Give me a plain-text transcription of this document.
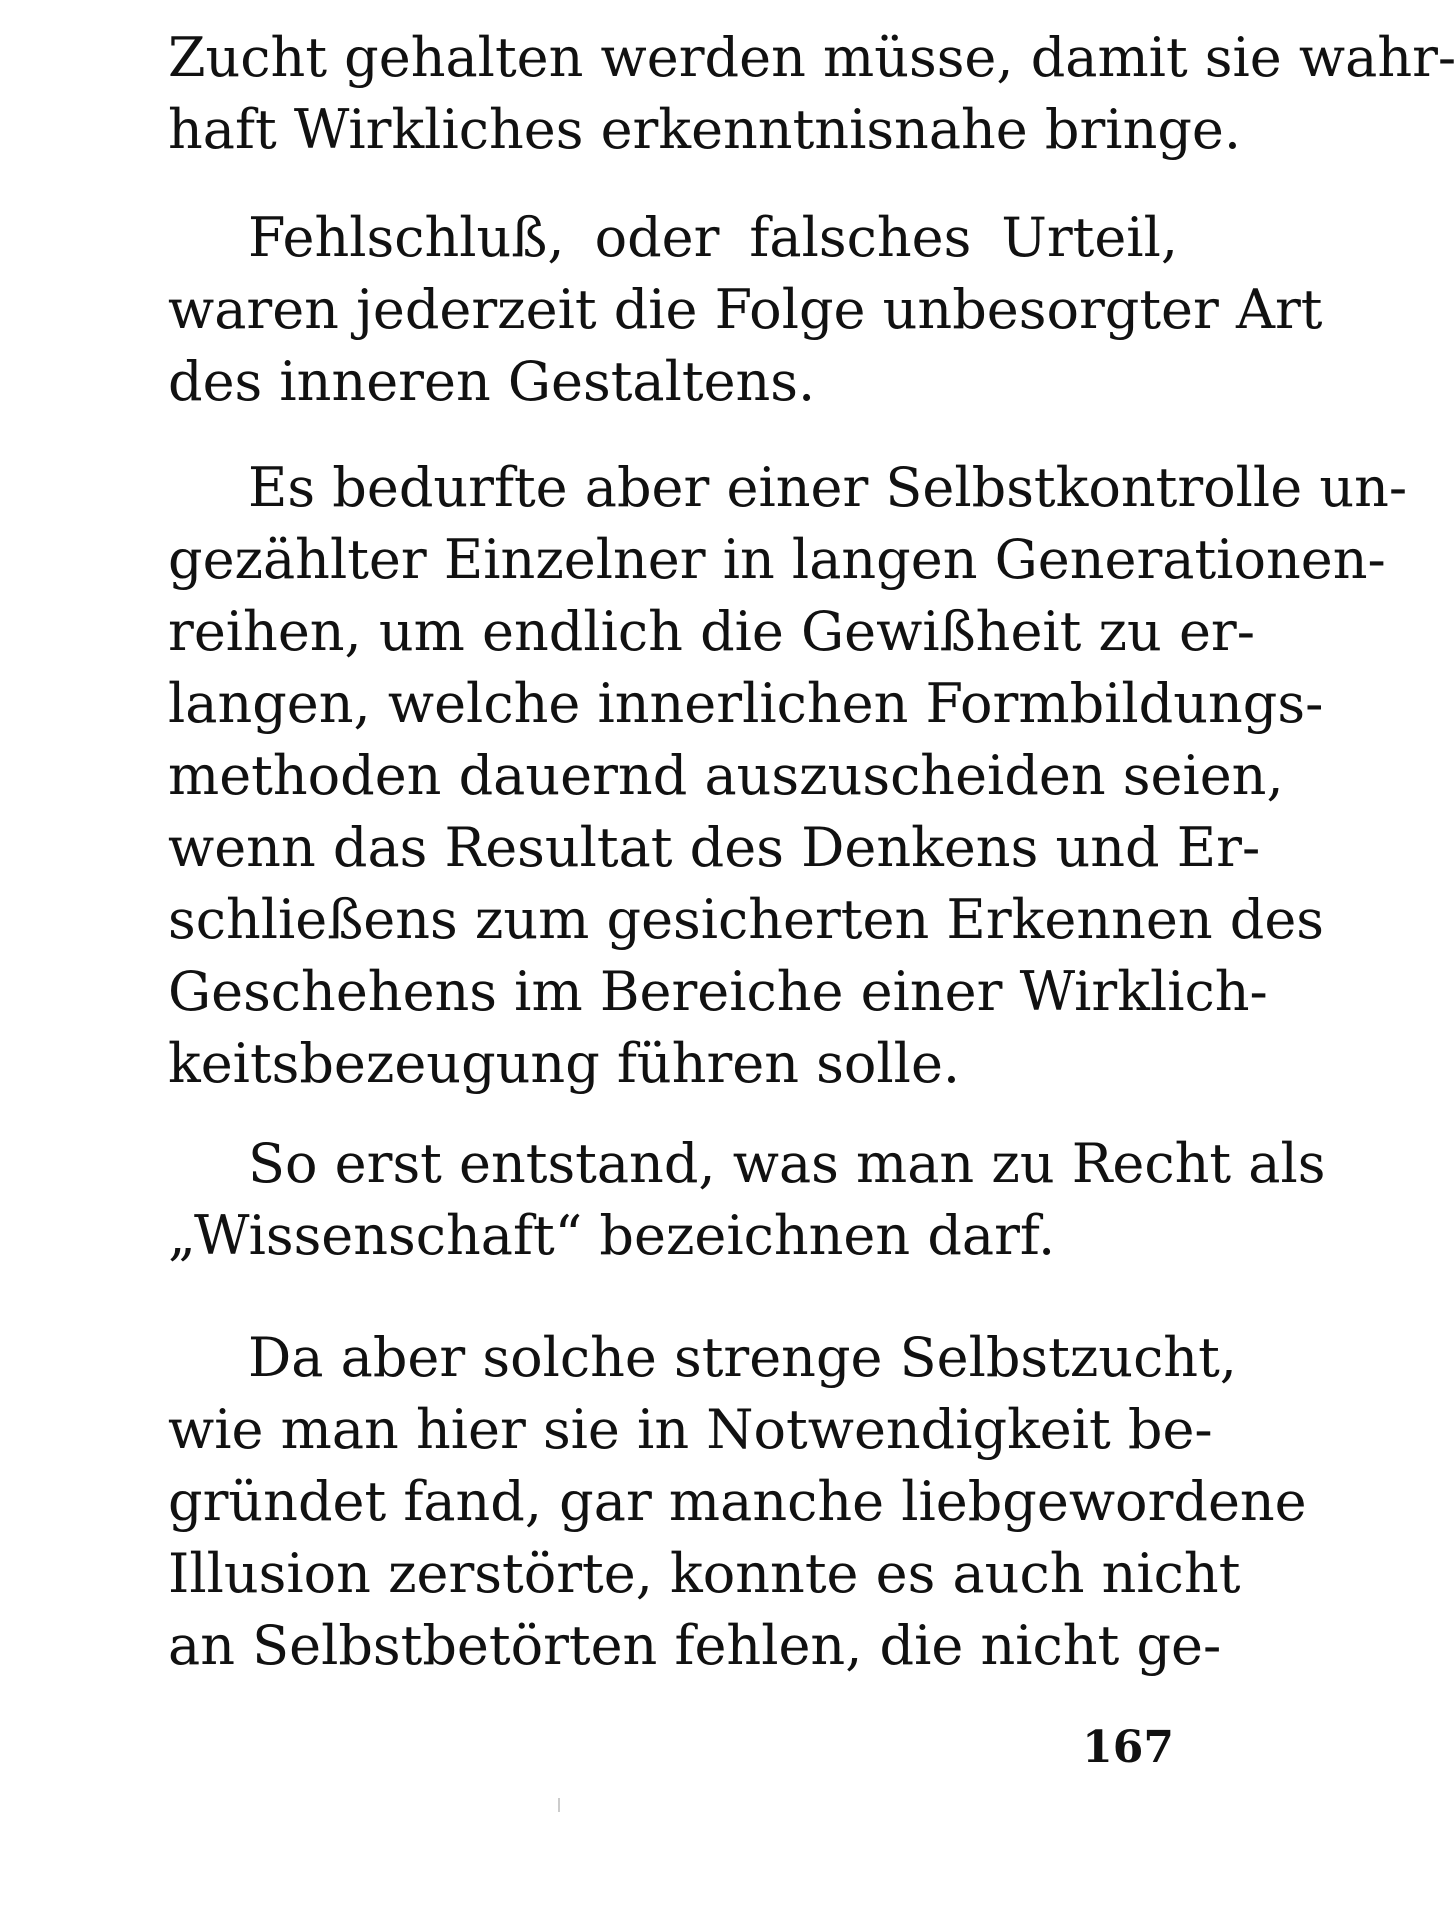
Zucht gehalten werden müsse, damit sie wahr-
haft Wirkliches erkenntnisnahe bringe.
Fehlschluß, oder falsches Urteil,
waren jederzeit die Folge unbesorgter Art
des inneren Gestaltens.
Es bedurfte aber einer Selbstkontrolle un-
gezählter Einzelner in langen Generationen-
reihen, um endlich die Gewißheit zu er-
langen, welche innerlichen Formbildungs-
methoden dauernd auszuscheiden seien,
wenn das Resultat des Denkens und Er-
schließens zum gesicherten Erkennen des
Geschehens im Bereiche einer Wirklich-
keitsbezeugung führen solle.
So erst entstand, was man zu Recht als
„Wissenschaft“ bezeichnen darf.
Da aber solche strenge Selbstzucht,
wie man hier sie in Notwendigkeit be-
gründet fand, gar manche liebgewordene
Illusion zerstörte, konnte es auch nicht
an Selbstbetörten fehlen, die nicht ge-
167
